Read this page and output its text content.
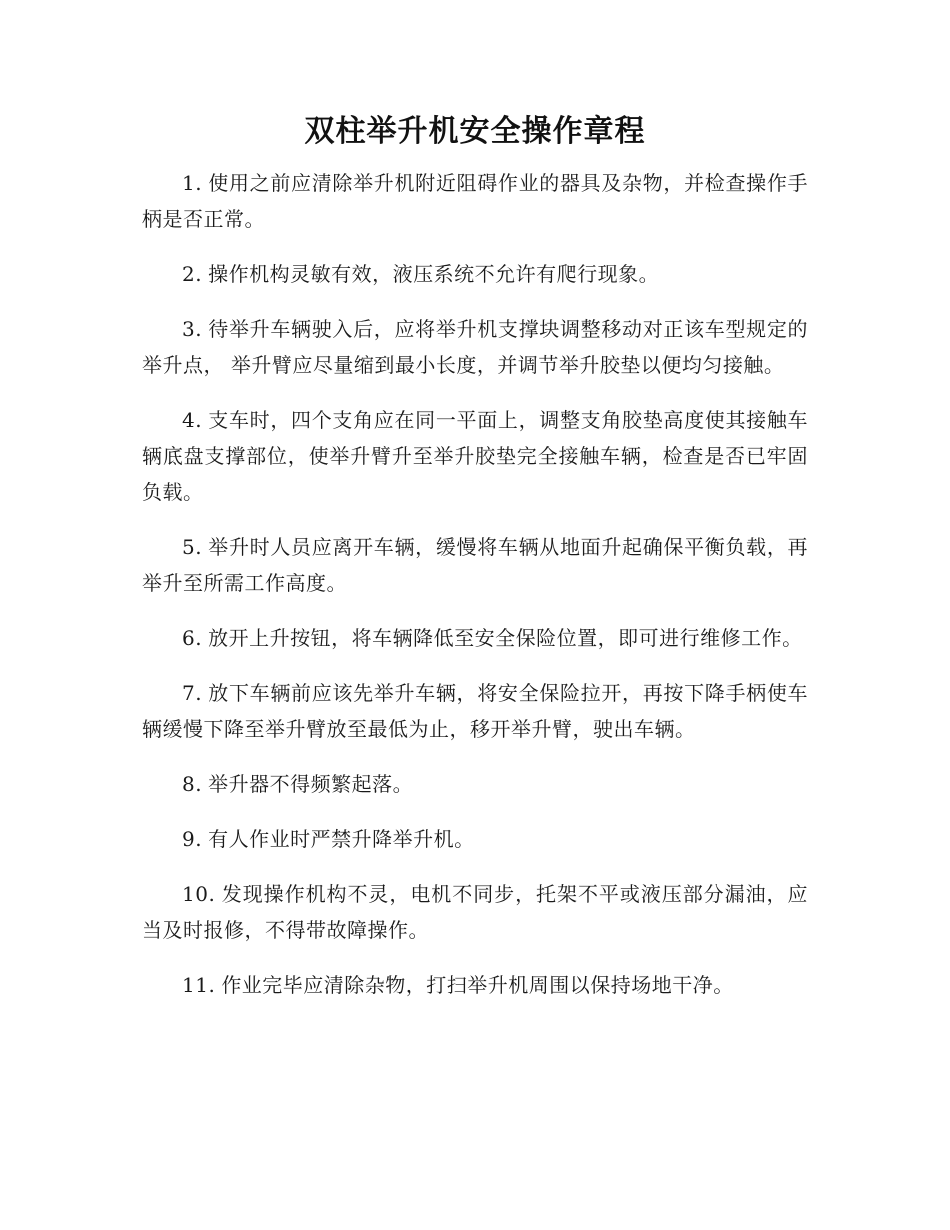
双柱举升机安全操作章程

1. 使用之前应清除举升机附近阻碍作业的器具及杂物，并检查操作手柄是否正常。

2. 操作机构灵敏有效，液压系统不允许有爬行现象。

3. 待举升车辆驶入后，应将举升机支撑块调整移动对正该车型规定的举升点， 举升臂应尽量缩到最小长度，并调节举升胶垫以便均匀接触。

4. 支车时，四个支角应在同一平面上，调整支角胶垫高度使其接触车辆底盘支撑部位，使举升臂升至举升胶垫完全接触车辆，检查是否已牢固负载。

5. 举升时人员应离开车辆，缓慢将车辆从地面升起确保平衡负载，再举升至所需工作高度。

6. 放开上升按钮，将车辆降低至安全保险位置，即可进行维修工作。

7. 放下车辆前应该先举升车辆，将安全保险拉开，再按下降手柄使车辆缓慢下降至举升臂放至最低为止，移开举升臂，驶出车辆。

8. 举升器不得频繁起落。

9. 有人作业时严禁升降举升机。

10. 发现操作机构不灵，电机不同步，托架不平或液压部分漏油，应当及时报修，不得带故障操作。

11. 作业完毕应清除杂物，打扫举升机周围以保持场地干净。
